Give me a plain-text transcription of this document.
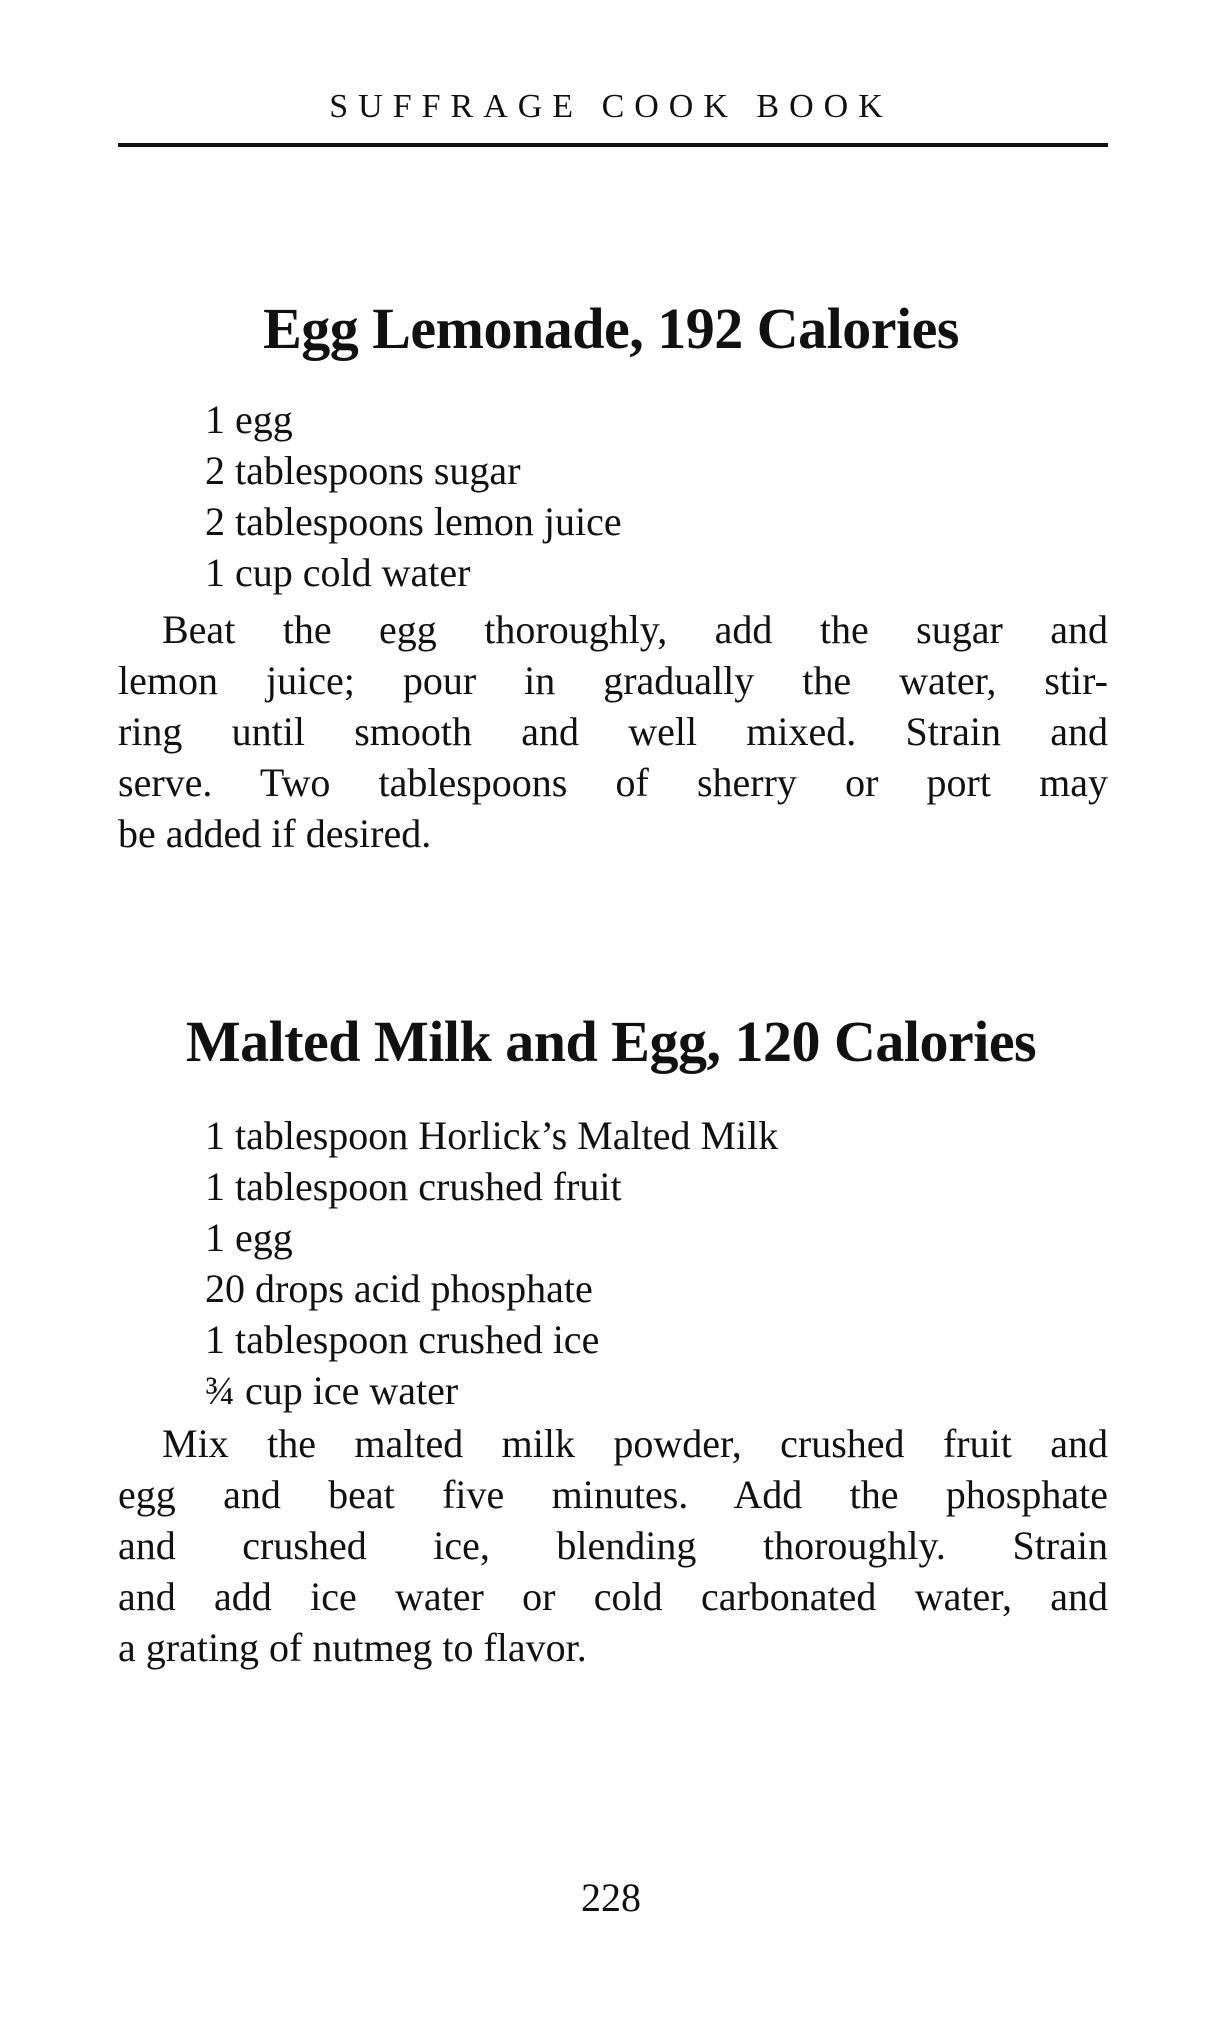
SUFFRAGE COOK BOOK
Egg Lemonade, 192 Calories
1 egg
2 tablespoons sugar
2 tablespoons lemon juice
1 cup cold water

Beat the egg thoroughly, add the sugar and
lemon juice; pour in gradually the water, stir-
ring until smooth and well mixed. Strain and
serve. Two tablespoons of sherry or port may
be added if desired.

Malted Milk and Egg, 120 Calories
1 tablespoon Horlick’s Malted Milk
1 tablespoon crushed fruit
1 egg
20 drops acid phosphate
1 tablespoon crushed ice
¾ cup ice water

Mix the malted milk powder, crushed fruit and
egg and beat five minutes. Add the phosphate
and crushed ice, blending thoroughly. Strain
and add ice water or cold carbonated water, and
a grating of nutmeg to flavor.

228
